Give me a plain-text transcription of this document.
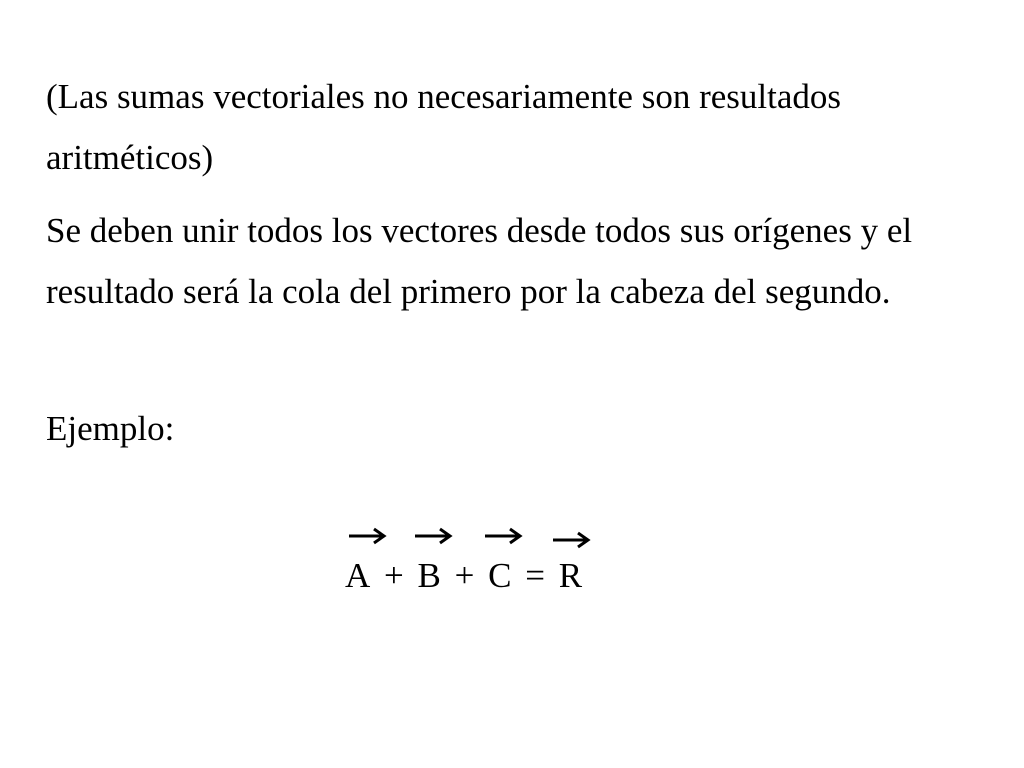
(Las sumas vectoriales no necesariamente son resultados aritméticos)

Se deben unir todos los vectores desde todos sus orígenes y el resultado será la cola del primero por la cabeza del segundo.

Ejemplo:

A + B + C = R
